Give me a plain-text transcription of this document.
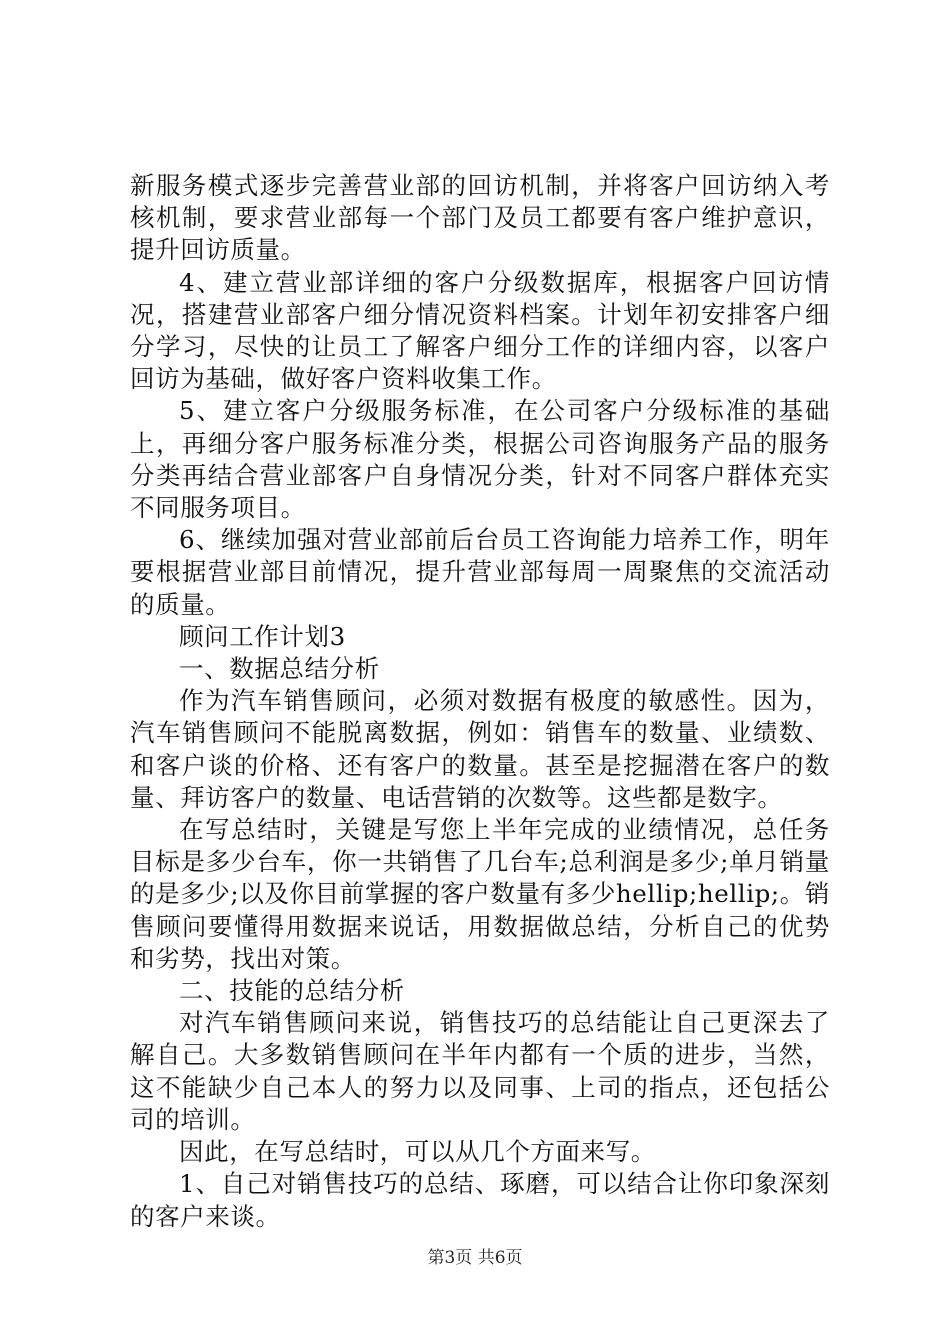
新服务模式逐步完善营业部的回访机制，并将客户回访纳入考核机制，要求营业部每一个部门及员工都要有客户维护意识，提升回访质量。

4、建立营业部详细的客户分级数据库，根据客户回访情况，搭建营业部客户细分情况资料档案。计划年初安排客户细分学习，尽快的让员工了解客户细分工作的详细内容，以客户回访为基础，做好客户资料收集工作。

5、建立客户分级服务标准，在公司客户分级标准的基础上，再细分客户服务标准分类，根据公司咨询服务产品的服务分类再结合营业部客户自身情况分类，针对不同客户群体充实不同服务项目。

6、继续加强对营业部前后台员工咨询能力培养工作，明年要根据营业部目前情况，提升营业部每周一周聚焦的交流活动的质量。

顾问工作计划3

一、数据总结分析

作为汽车销售顾问，必须对数据有极度的敏感性。因为，汽车销售顾问不能脱离数据，例如：销售车的数量、业绩数、和客户谈的价格、还有客户的数量。甚至是挖掘潜在客户的数量、拜访客户的数量、电话营销的次数等。这些都是数字。

在写总结时，关键是写您上半年完成的业绩情况，总任务目标是多少台车，你一共销售了几台车;总利润是多少;单月销量的是多少;以及你目前掌握的客户数量有多少hellip;hellip;。销售顾问要懂得用数据来说话，用数据做总结，分析自己的优势和劣势，找出对策。

二、技能的总结分析

对汽车销售顾问来说，销售技巧的总结能让自己更深去了解自己。大多数销售顾问在半年内都有一个质的进步，当然，这不能缺少自己本人的努力以及同事、上司的指点，还包括公司的培训。

因此，在写总结时，可以从几个方面来写。

1、自己对销售技巧的总结、琢磨，可以结合让你印象深刻的客户来谈。

第3页 共6页
